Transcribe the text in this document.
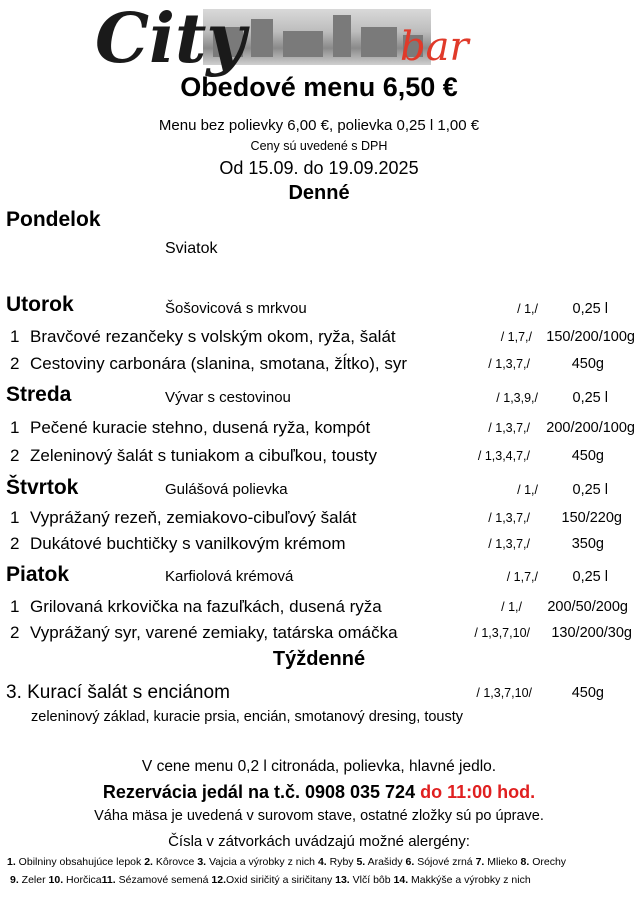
City	bar
Obedové menu 6,50 €
Menu bez polievky 6,00 €, polievka 0,25 l 1,00 €
Ceny sú uvedené s DPH
Od 15.09. do 19.09.2025
Denné
Pondelok
Sviatok
Utorok	Šošovicová s mrkvou	/ 1,/ 0,25 l
1 Bravčové rezančeky s volským okom, ryža, šalát	/ 1,7,/ 150/200/100g
2 Cestoviny carbonára (slanina, smotana, žĺtko), syr	/ 1,3,7,/	450g
Streda	Vývar s cestovinou	/ 1,3,9,/ 0,25 l
1 Pečené kuracie stehno, dusená ryža, kompót	/ 1,3,7,/ 200/200/100g
2 Zeleninový šalát s tuniakom a cibuľkou, tousty	/ 1,3,4,7,/	450g
Štvrtok	Gulášová polievka	/ 1,/ 0,25 l
1 Vyprážaný rezeň, zemiakovo-cibuľový šalát	/ 1,3,7,/ 150/220g
2 Dukátové buchtičky s vanilkovým krémom	/ 1,3,7,/	350g
Piatok	Karfiolová krémová	/ 1,7,/ 0,25 l
1 Grilovaná krkovička na fazuľkách, dusená ryža	/ 1,/ 200/50/200g
2 Vyprážaný syr, varené zemiaky, tatárska omáčka	/ 1,3,7,10/ 130/200/30g
Týždenné
3. Kurací šalát s enciánom	/ 1,3,7,10/	450g
zeleninový základ, kuracie prsia, encián, smotanový dresing, tousty
V cene menu 0,2 l citronáda, polievka, hlavné jedlo.
Rezervácia jedál na t.č. 0908 035 724 do 11:00 hod.
Váha mäsa je uvedená v surovom stave, ostatné zložky sú po úprave.
Čísla v zátvorkách uvádzajú možné alergény:
1. Obilniny obsahujúce lepok 2. Kôrovce 3. Vajcia a výrobky z nich 4. Ryby 5. Arašidy 6. Sójové zrná 7. Mlieko 8. Orechy
9. Zeler 10. Horčica11. Sézamové semená 12.Oxid siričitý a siričitany 13. Vlčí bôb 14. Makkýše a výrobky z nich
